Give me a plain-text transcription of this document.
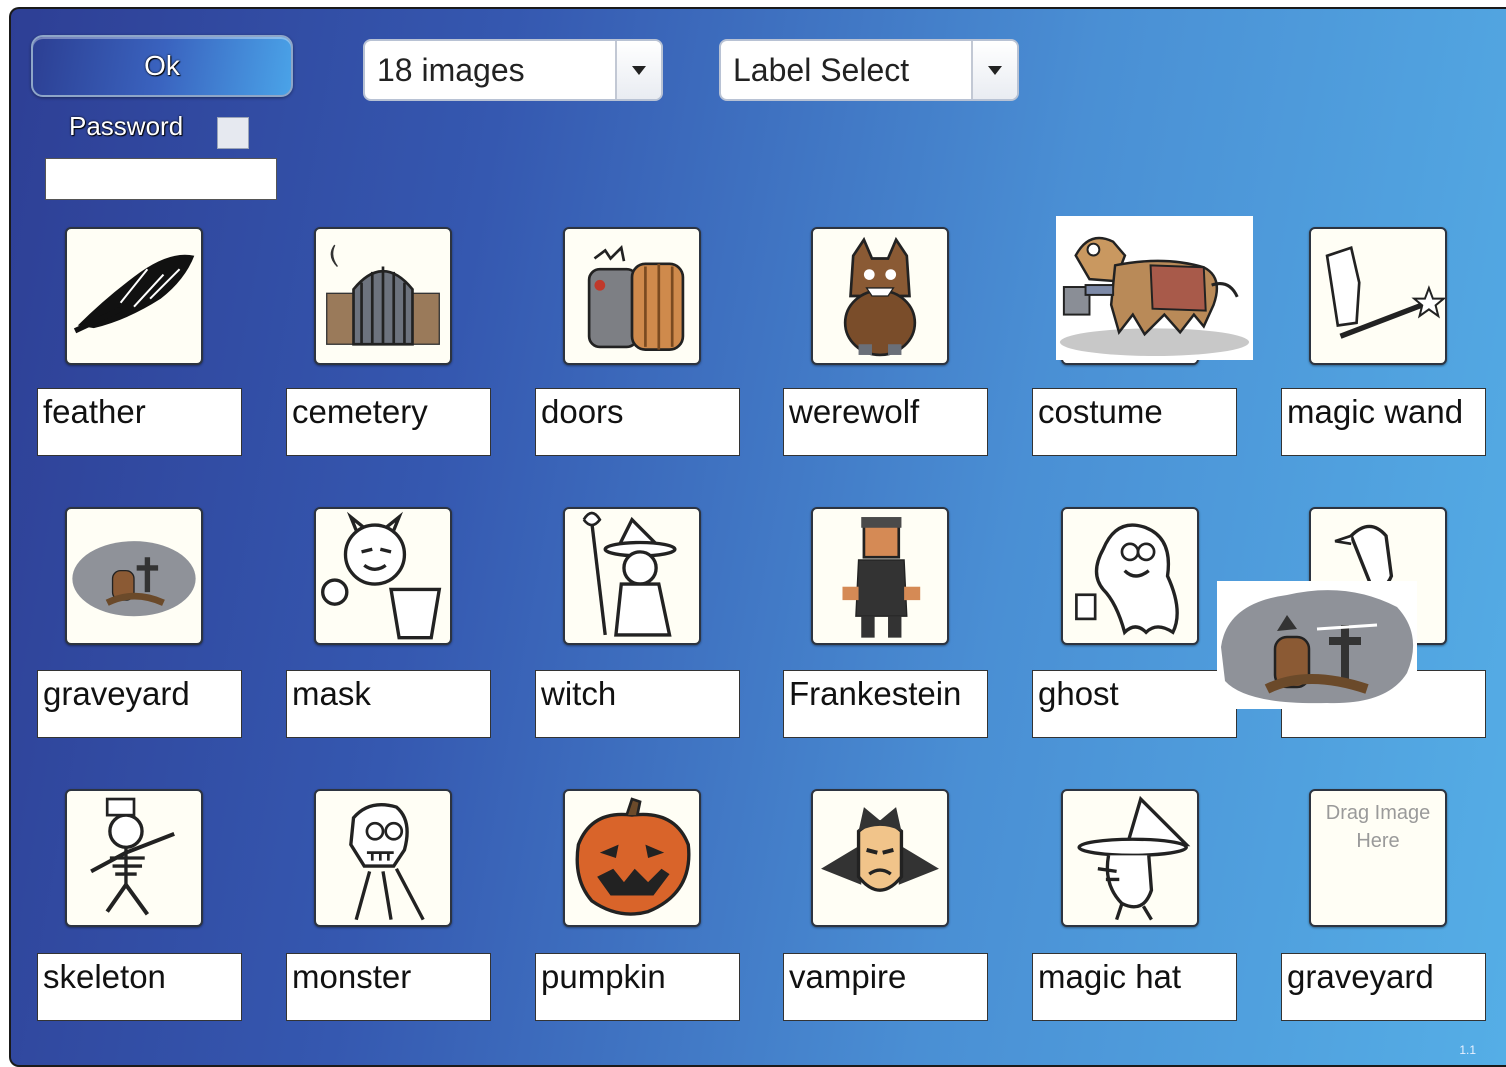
Ok
Password
18 images	Label Select
feather	cemetery	doors	werewolf	costume	magic wand
graveyard	mask	witch	Frankestein	ghost
Drag Image
Here
skeleton	monster	pumpkin	vampire	magic hat	graveyard
1.1
